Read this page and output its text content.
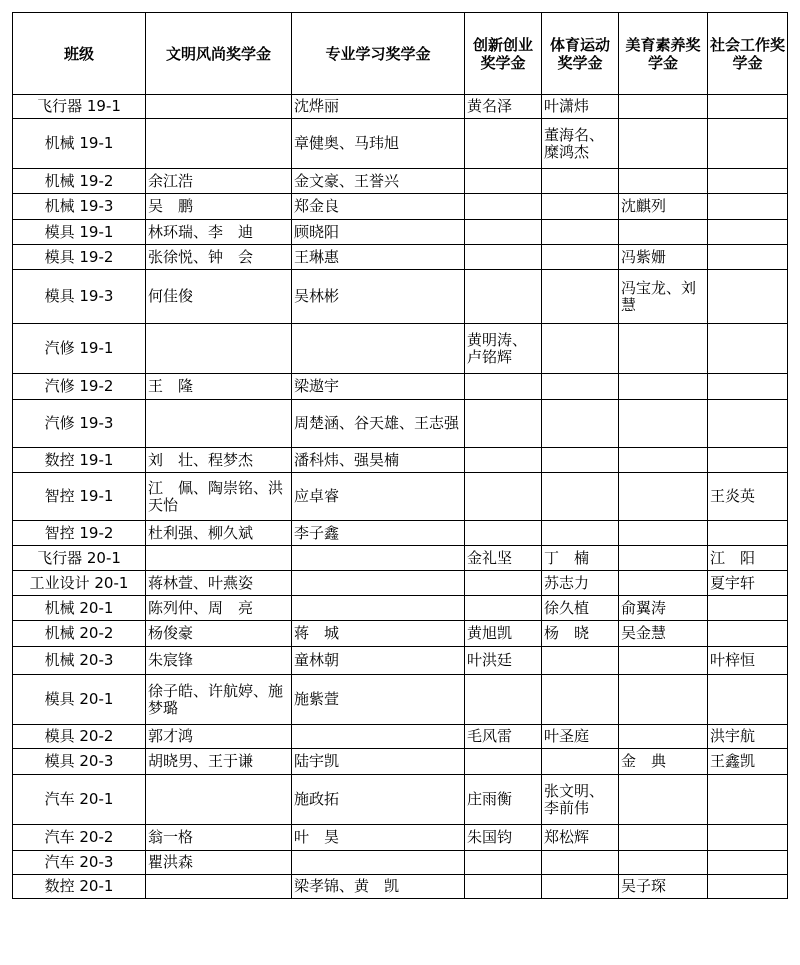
班级	文明风尚奖学金	专业学习奖学金	创新创业奖学金	体育运动奖学金	美育素养奖学金	社会工作奖学金
飞行器 19-1		沈烨丽	黄名泽	叶潇炜		
机械 19-1		章健奥、马玮旭		董海名、糜鸿杰		
机械 19-2	余江浩	金文豪、王誉兴				
机械 19-3	吴　鹏	郑金良			沈麒列	
模具 19-1	林环瑞、李　迪	顾晓阳				
模具 19-2	张徐悦、钟　会	王琳惠			冯紫姗	
模具 19-3	何佳俊	吴林彬			冯宝龙、刘　慧	
汽修 19-1			黄明涛、卢铭辉			
汽修 19-2	王　隆	梁遨宇				
汽修 19-3		周楚涵、谷天雄、王志强				
数控 19-1	刘　壮、程梦杰	潘科炜、强昊楠				
智控 19-1	江　佩、陶崇铭、洪天怡	应卓睿				王炎英
智控 19-2	杜利强、柳久斌	李子鑫				
飞行器 20-1			金礼坚	丁　楠		江　阳
工业设计 20-1	蒋林萱、叶燕姿			苏志力		夏宇轩
机械 20-1	陈列仲、周　亮			徐久植	俞翼涛	
机械 20-2	杨俊豪	蒋　城	黄旭凯	杨　晓	吴金慧	
机械 20-3	朱宸锋	童林朝	叶洪廷			叶梓恒
模具 20-1	徐子皓、许航婷、施梦璐	施紫萱				
模具 20-2	郭才鸿		毛风雷	叶圣庭		洪宇航
模具 20-3	胡晓男、王于谦	陆宇凯			金　典	王鑫凯
汽车 20-1		施政拓	庄雨衡	张文明、李前伟		
汽车 20-2	翁一格	叶　昊	朱国钧	郑松辉		
汽车 20-3	瞿洪森					
数控 20-1		梁孝锦、黄　凯			吴子琛	
